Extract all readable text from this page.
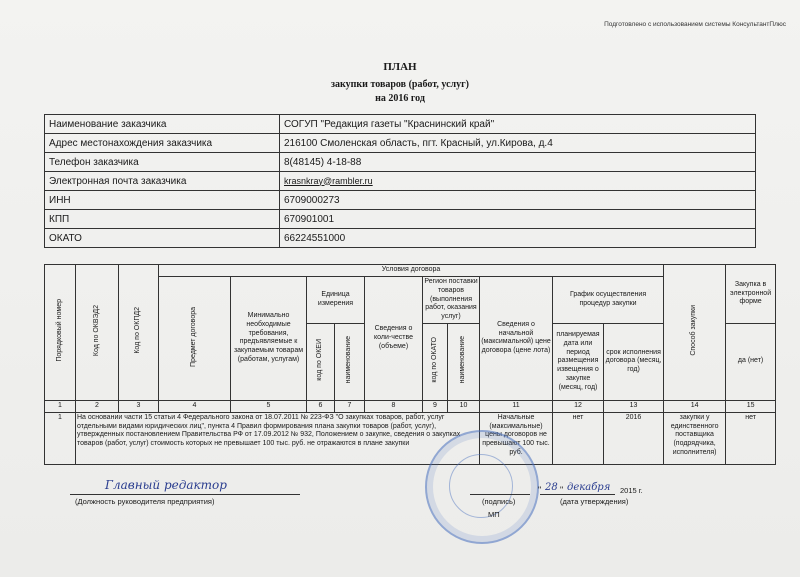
Подготовлено с использованием системы КонсультантПлюс
ПЛАН
закупки товаров (работ, услуг)
на 2016 год
Наименование заказчика	СОГУП "Редакция газеты "Краснинский край"
Адрес местонахождения заказчика	216100 Смоленская область, пгт. Красный, ул.Кирова, д.4
Телефон заказчика	8(48145) 4-18-88
Электронная почта заказчика	krasnkray@rambler.ru
ИНН	6709000273
КПП	670901001
ОКАТО	66224551000
Порядковый номер	Код по ОКВЭД2	Код по ОКПД2	Условия договора										Способ закупки	Закупка в электронной форме
			Предмет договора	Минимально необходимые требования, предъявляемые к закупаемым товарам (работам, услугам)	Единица измерения		Сведения о коли-честве (объеме)	Регион поставки товаров (выполнения работ, оказания услуг)		Сведения о начальной (максимальной) цене договора (цене лота)	График осуществления процедур закупки			
					код по ОКЕИ	наименование		код по ОКАТО	наименование		планируемая дата или период размещения извещения о закупке (месяц, год)	срок исполнения договора (месяц, год)		да (нет)

1	2	3	4	5	6	7	8	9	10	11	12	13	14	15
1	На основании части 15 статьи 4 Федерального закона от 18.07.2011 № 223-ФЗ "О закупках товаров, работ, услуг отдельными видами юридических лиц", пункта 4 Правил формирования плана закупки товаров (работ, услуг), утвержденных постановлением Правительства РФ от 17.09.2012 № 932, Положением о закупке, сведения о закупках товаров (работ, услуг) стоимость которых не превышает 100 тыс. руб. не отражаются в плане закупки									Начальные (максимальные) цены договоров не превышают 100 тыс. руб.	нет	2016	закупки у единственного поставщика (подрядчика, исполнителя)	нет
Главный редактор
(Должность руководителя предприятия)	(подпись)
МП
" 28 " декабря 2015 г.
(дата утверждения)
